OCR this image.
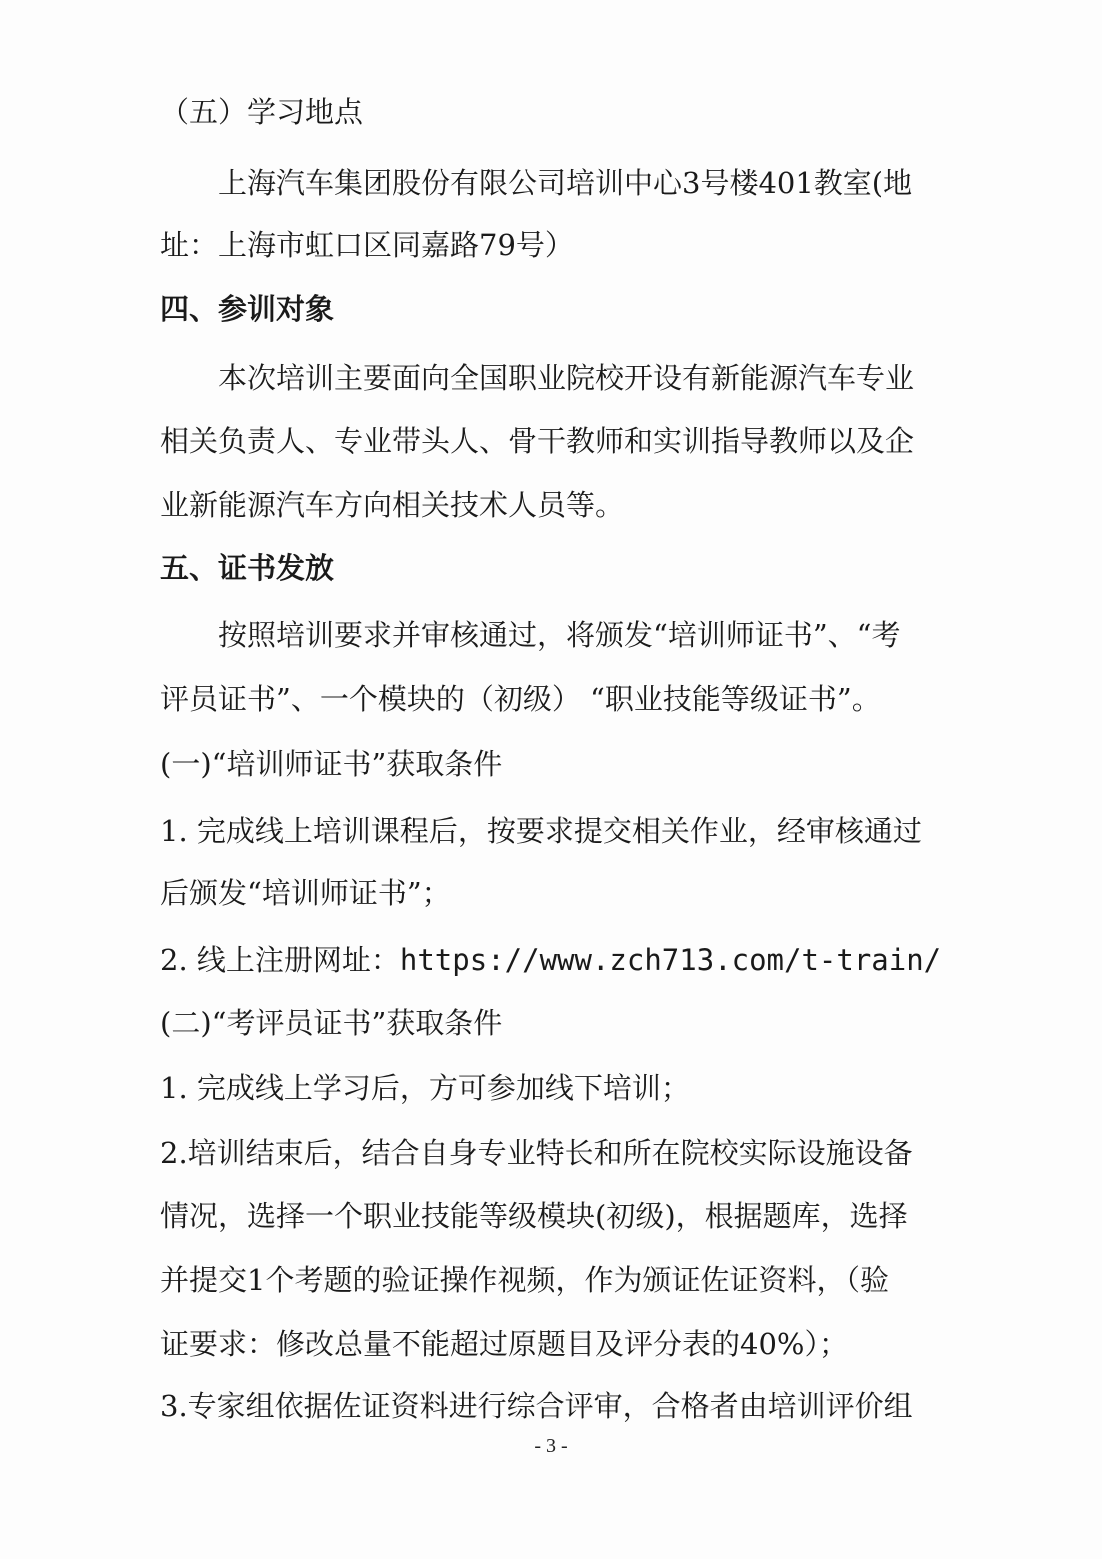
（五）学习地点
上海汽车集团股份有限公司培训中心3号楼401教室(地
址：上海市虹口区同嘉路79号）
四、参训对象
本次培训主要面向全国职业院校开设有新能源汽车专业
相关负责人、专业带头人、骨干教师和实训指导教师以及企
业新能源汽车方向相关技术人员等。
五、证书发放
按照培训要求并审核通过，将颁发“培训师证书”、“考
评员证书”、一个模块的（初级） “职业技能等级证书”。
(一)“培训师证书”获取条件
1. 完成线上培训课程后，按要求提交相关作业，经审核通过
后颁发“培训师证书”；
2. 线上注册网址：https://www.zch713.com/t-train/
(二)“考评员证书”获取条件
1. 完成线上学习后，方可参加线下培训；
2.培训结束后，结合自身专业特长和所在院校实际设施设备
情况，选择一个职业技能等级模块(初级)，根据题库，选择
并提交1个考题的验证操作视频，作为颁证佐证资料，（验
证要求：修改总量不能超过原题目及评分表的40%）；
3.专家组依据佐证资料进行综合评审，合格者由培训评价组
- 3 -
